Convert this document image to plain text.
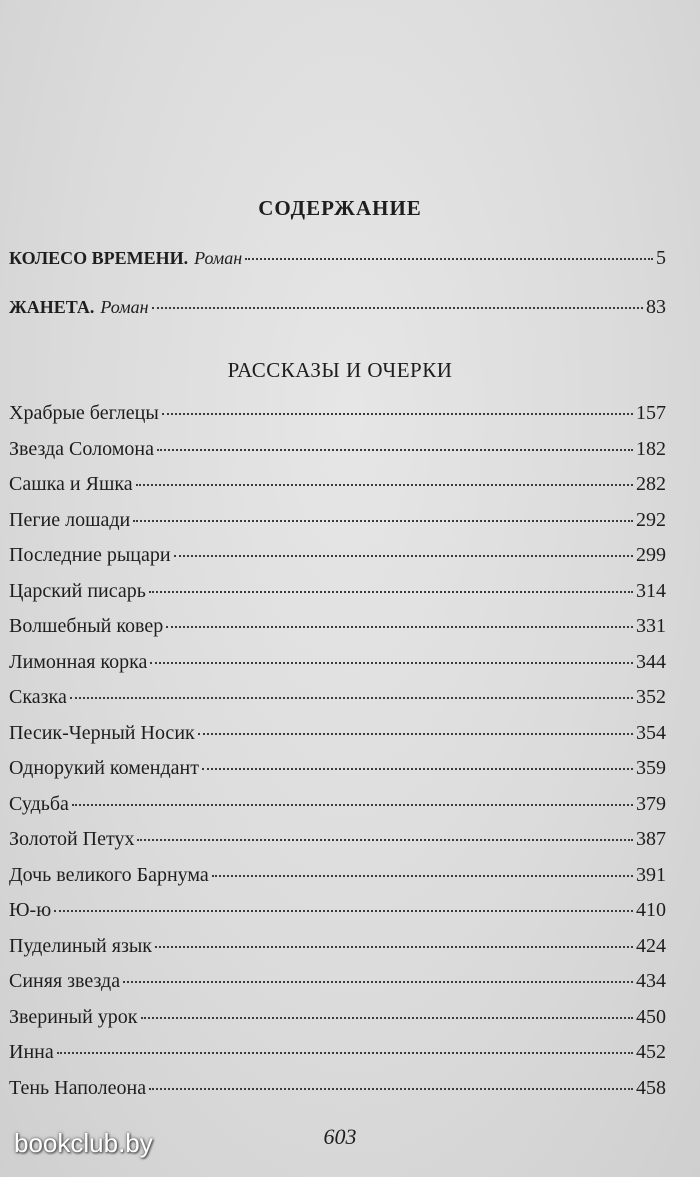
СОДЕРЖАНИЕ
КОЛЕСО ВРЕМЕНИ. Роман	5
ЖАНЕТА. Роман	83
РАССКАЗЫ И ОЧЕРКИ
Храбрые беглецы	157
Звезда Соломона	182
Сашка и Яшка	282
Пегие лошади	292
Последние рыцари	299
Царский писарь	314
Волшебный ковер	331
Лимонная корка	344
Сказка	352
Песик-Черный Носик	354
Однорукий комендант	359
Судьба	379
Золотой Петух	387
Дочь великого Барнума	391
Ю-ю	410
Пуделиный язык	424
Синяя звезда	434
Звериный урок	450
Инна	452
Тень Наполеона	458
bookclub.by	603
